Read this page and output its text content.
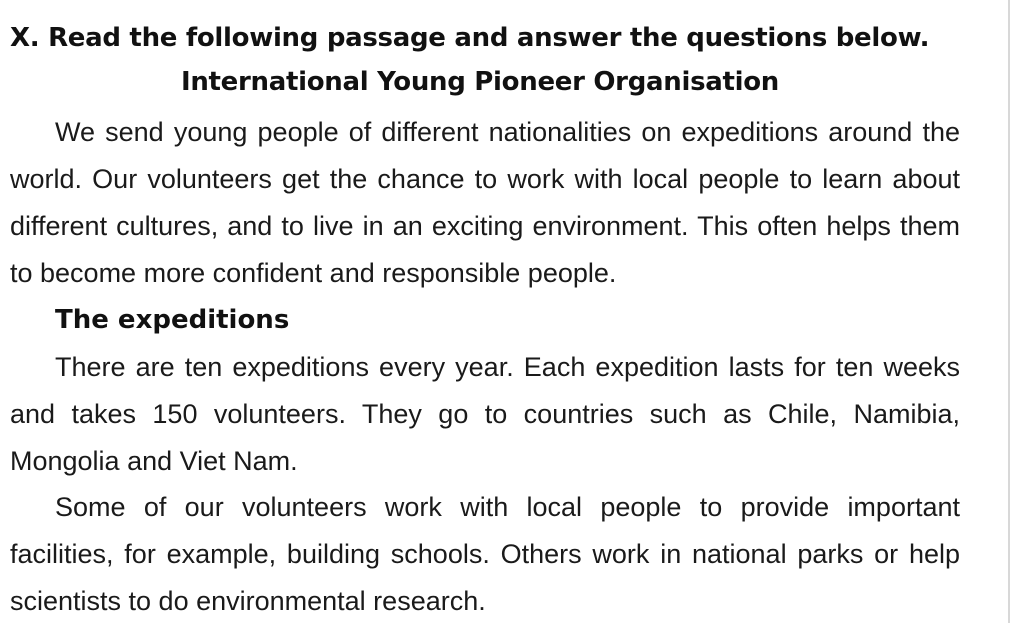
X. Read the following passage and answer the questions below.
International Young Pioneer Organisation

We send young people of different nationalities on expeditions around the world. Our volunteers get the chance to work with local people to learn about different cultures, and to live in an exciting environment. This often helps them to become more confident and responsible people.

The expeditions

There are ten expeditions every year. Each expedition lasts for ten weeks and takes 150 volunteers. They go to countries such as Chile, Namibia, Mongolia and Viet Nam.

Some of our volunteers work with local people to provide important facilities, for example, building schools. Others work in national parks or help scientists to do environmental research.
